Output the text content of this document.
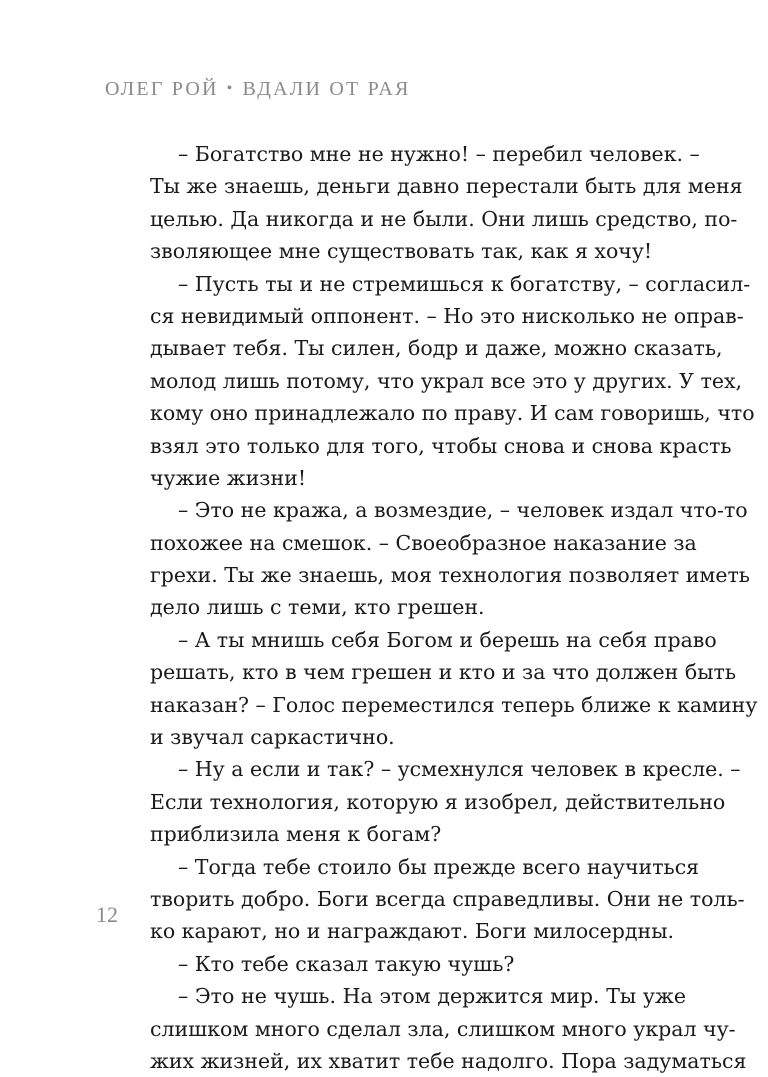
ОЛЕГ РОЙ • ВДАЛИ ОТ РАЯ
– Богатство мне не нужно! – перебил человек. –
Ты же знаешь, деньги давно перестали быть для меня
целью. Да никогда и не были. Они лишь средство, по-
зволяющее мне существовать так, как я хочу!
– Пусть ты и не стремишься к богатству, – согласил-
ся невидимый оппонент. – Но это нисколько не оправ-
дывает тебя. Ты силен, бодр и даже, можно сказать,
молод лишь потому, что украл все это у других. У тех,
кому оно принадлежало по праву. И сам говоришь, что
взял это только для того, чтобы снова и снова красть
чужие жизни!
– Это не кража, а возмездие, – человек издал что-то
похожее на смешок. – Своеобразное наказание за
грехи. Ты же знаешь, моя технология позволяет иметь
дело лишь с теми, кто грешен.
– А ты мнишь себя Богом и берешь на себя право
решать, кто в чем грешен и кто и за что должен быть
наказан? – Голос переместился теперь ближе к камину
и звучал саркастично.
– Ну а если и так? – усмехнулся человек в кресле. –
Если технология, которую я изобрел, действительно
приблизила меня к богам?
– Тогда тебе стоило бы прежде всего научиться
творить добро. Боги всегда справедливы. Они не толь-
ко карают, но и награждают. Боги милосердны.
– Кто тебе сказал такую чушь?
– Это не чушь. На этом держится мир. Ты уже
слишком много сделал зла, слишком много украл чу-
жих жизней, их хватит тебе надолго. Пора задуматься
12
